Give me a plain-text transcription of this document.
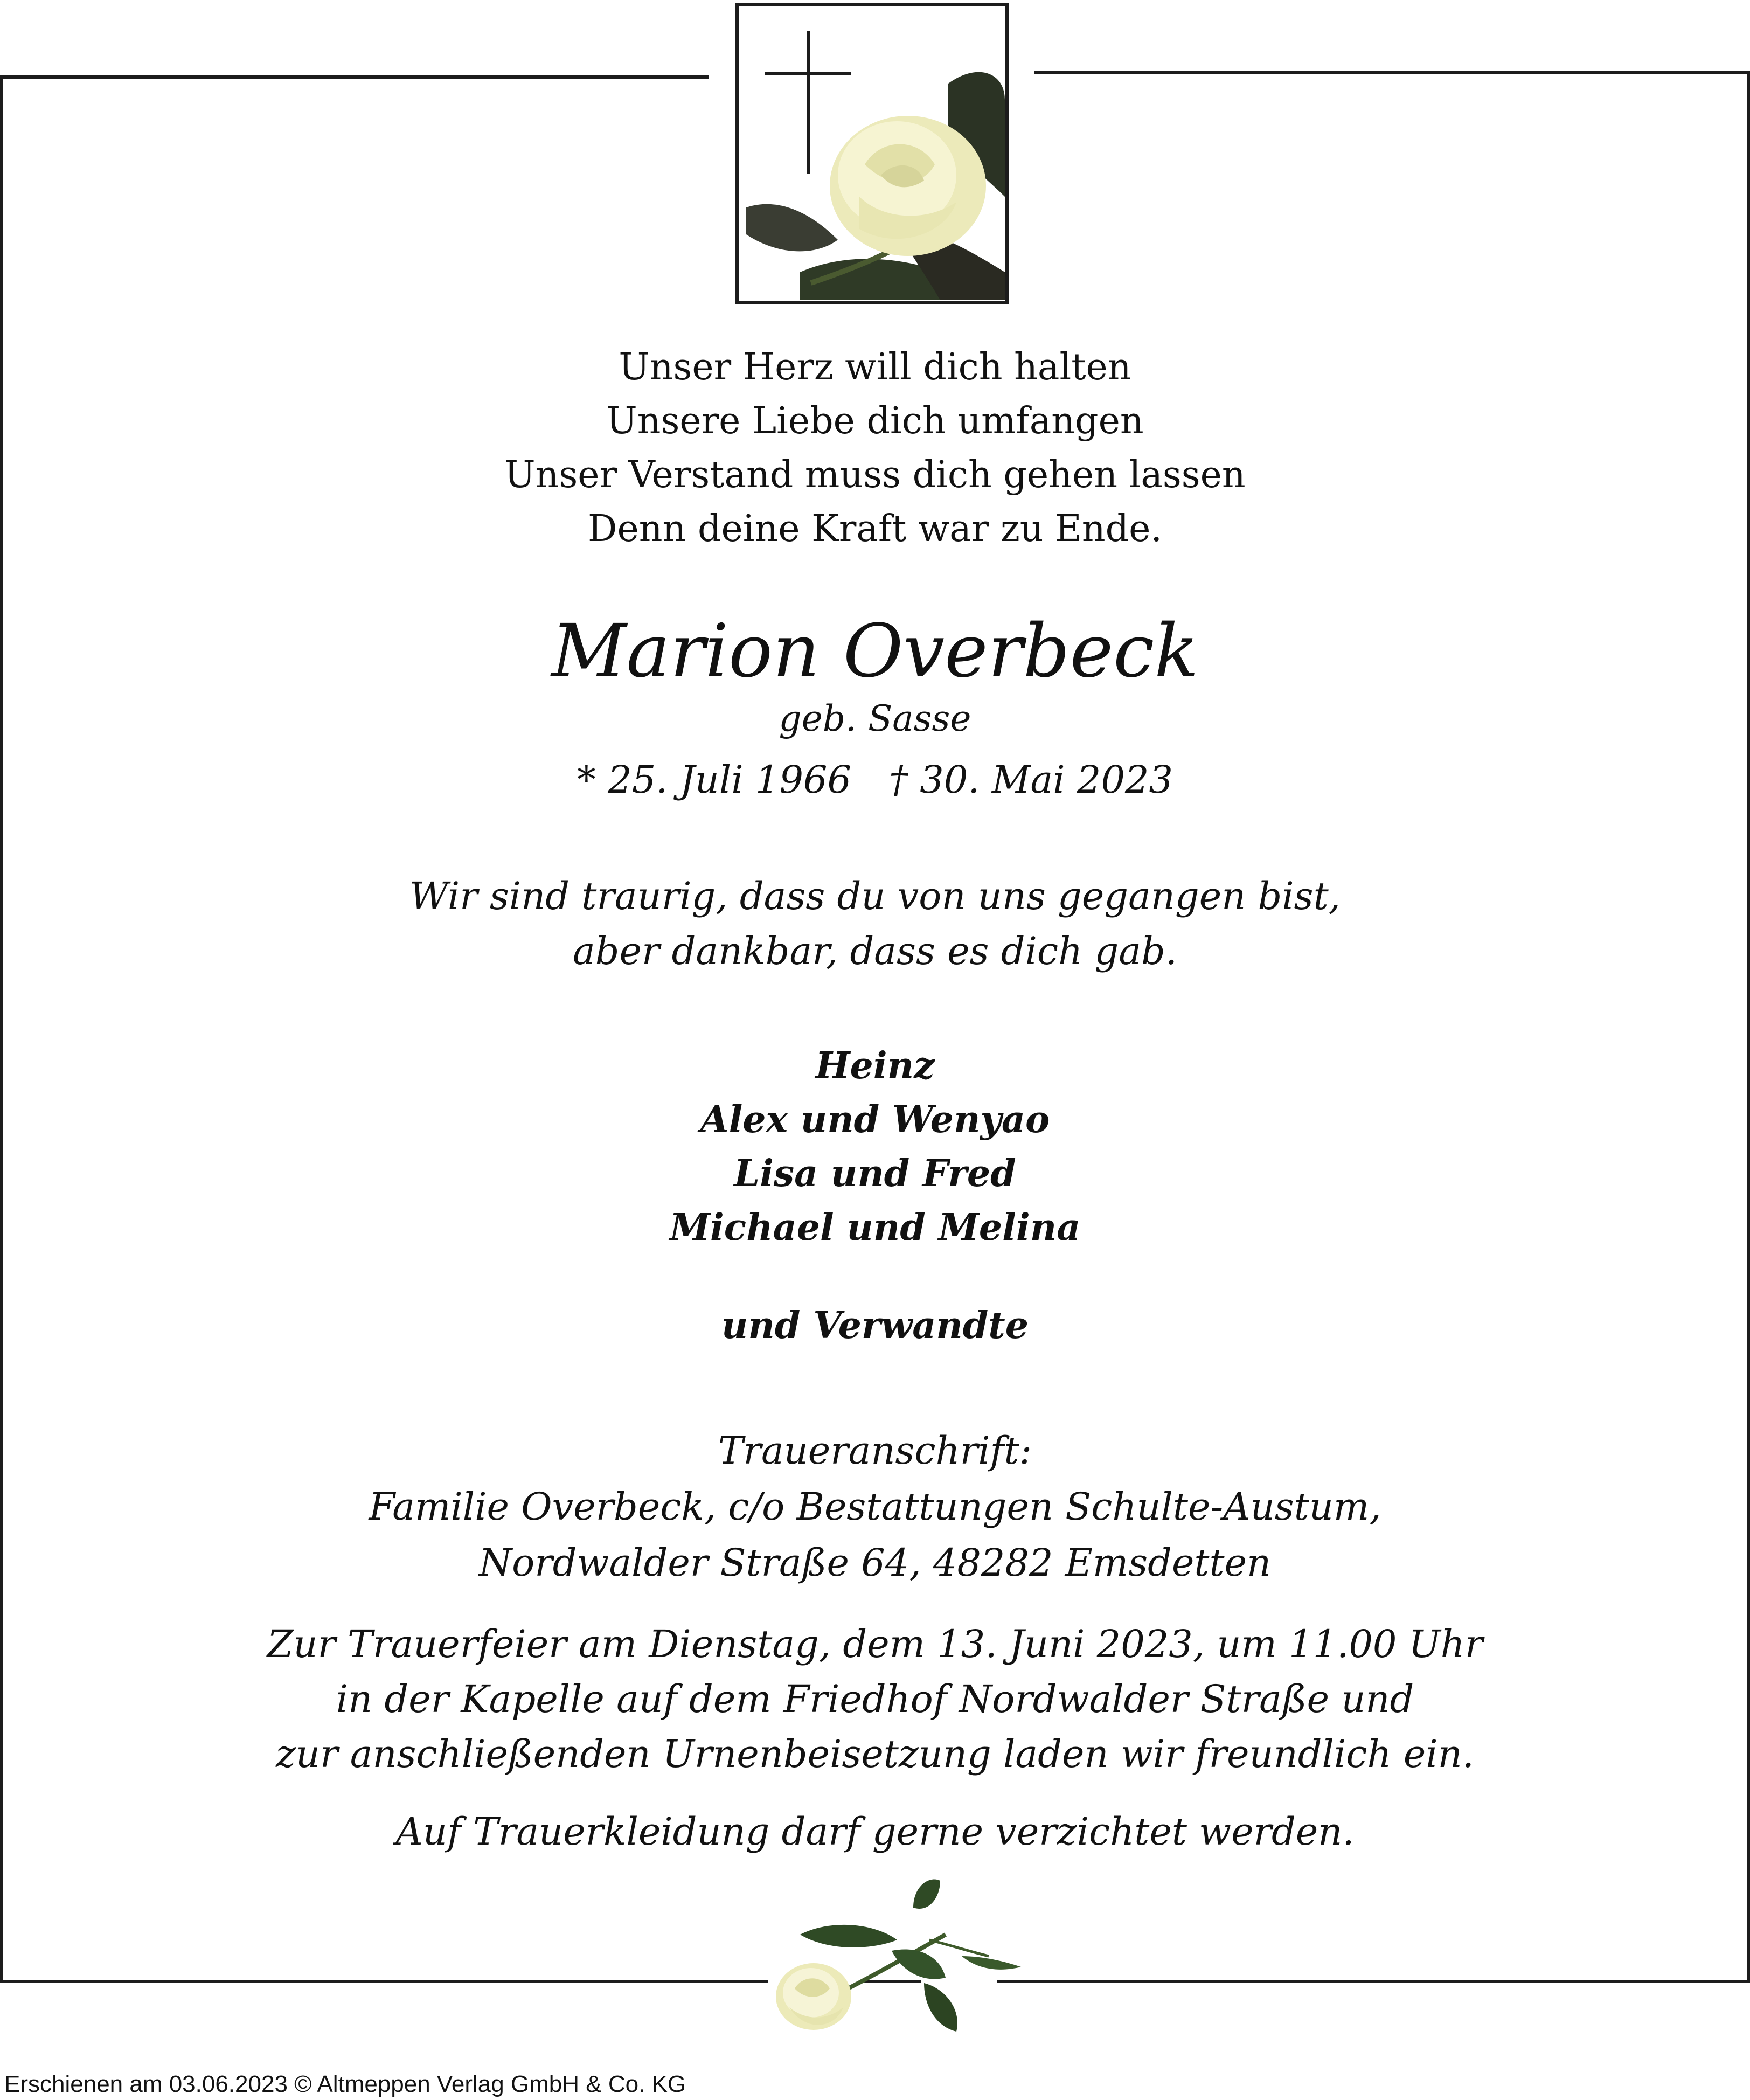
Unser Herz will dich halten
Unsere Liebe dich umfangen
Unser Verstand muss dich gehen lassen
Denn deine Kraft war zu Ende.
Marion Overbeck
geb. Sasse
* 25. Juli 1966 † 30. Mai 2023
Wir sind traurig, dass du von uns gegangen bist,
aber dankbar, dass es dich gab.
Heinz
Alex und Wenyao
Lisa und Fred
Michael und Melina
und Verwandte
Traueranschrift:
Familie Overbeck, c/o Bestattungen Schulte-Austum,
Nordwalder Straße 64, 48282 Emsdetten
Zur Trauerfeier am Dienstag, dem 13. Juni 2023, um 11.00 Uhr
in der Kapelle auf dem Friedhof Nordwalder Straße und
zur anschließenden Urnenbeisetzung laden wir freundlich ein.
Auf Trauerkleidung darf gerne verzichtet werden.
Erschienen am 03.06.2023 © Altmeppen Verlag GmbH & Co. KG
